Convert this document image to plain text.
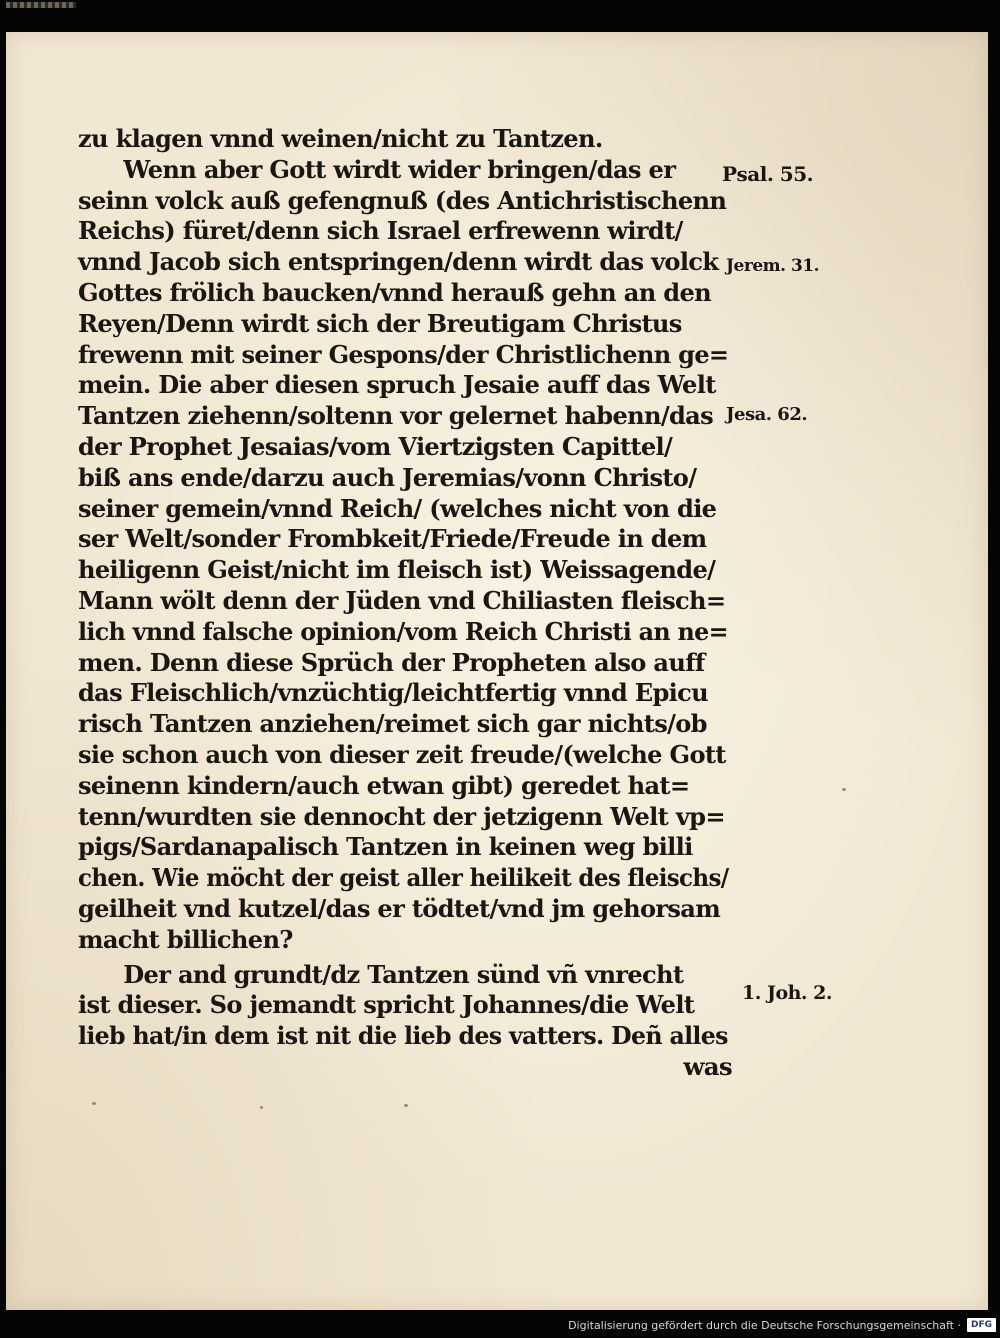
zu klagen vnnd weinen/nicht zu Tantzen.
Wenn aber Gott wirdt wider bringen/das er
seinn volck auß gefengnuß (des Antichristischenn
Reichs) füret/denn sich Israel erfrewenn wirdt/
vnnd Jacob sich entspringen/denn wirdt das volck
Gottes frölich baucken/vnnd herauß gehn an den
Reyen/Denn wirdt sich der Breutigam Christus
frewenn mit seiner Gespons/der Christlichenn ge=
mein. Die aber diesen spruch Jesaie auff das Welt
Tantzen ziehenn/soltenn vor gelernet habenn/das
der Prophet Jesaias/vom Viertzigsten Capittel/
biß ans ende/darzu auch Jeremias/vonn Christo/
seiner gemein/vnnd Reich/ (welches nicht von die
ser Welt/sonder Frombkeit/Friede/Freude in dem
heiligenn Geist/nicht im fleisch ist) Weissagende/
Mann wölt denn der Jüden vnd Chiliasten fleisch=
lich vnnd falsche opinion/vom Reich Christi an ne=
men. Denn diese Sprüch der Propheten also auff
das Fleischlich/vnzüchtig/leichtfertig vnnd Epicu
risch Tantzen anziehen/reimet sich gar nichts/ob
sie schon auch von dieser zeit freude/(welche Gott
seinenn kindern/auch etwan gibt) geredet hat=
tenn/wurdten sie dennocht der jetzigenn Welt vp=
pigs/Sardanapalisch Tantzen in keinen weg billi
chen. Wie möcht der geist aller heilikeit des fleischs/
geilheit vnd kutzel/das er tödtet/vnd jm gehorsam
macht billichen?
Der and grundt/dz Tantzen sünd vñ vnrecht
ist dieser. So jemandt spricht Johannes/die Welt
lieb hat/in dem ist nit die lieb des vatters. Deñ alles
was
Psal. 55.
Jerem. 31.
Jesa. 62.
1. Joh. 2.
Digitalisierung gefördert durch die Deutsche Forschungsgemeinschaft ·	DFG
